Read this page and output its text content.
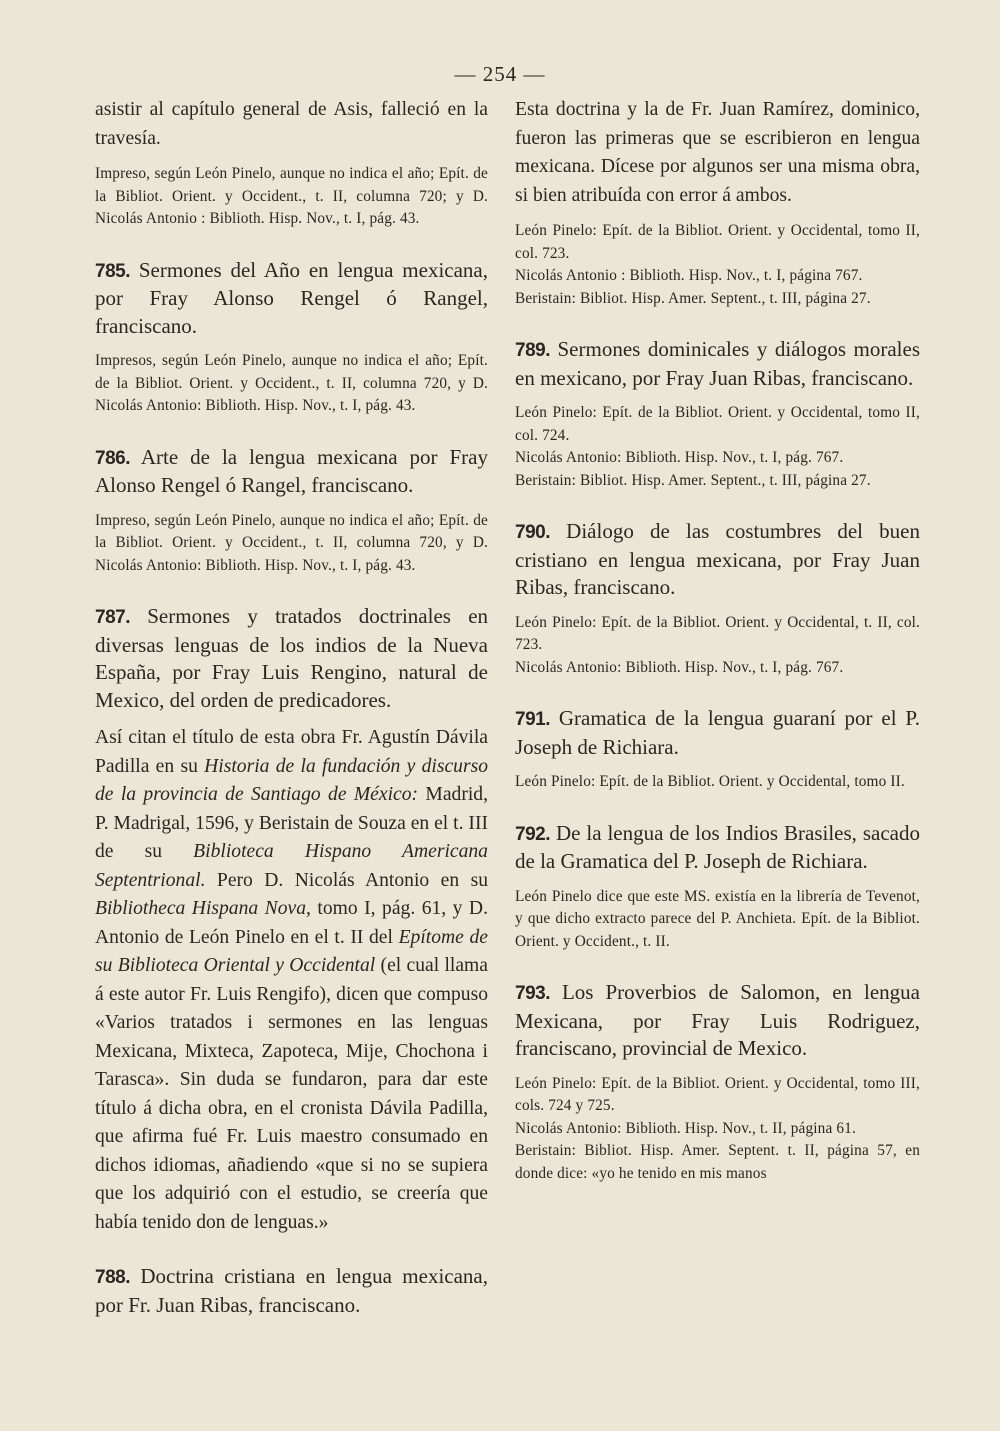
— 254 —

asistir al capítulo general de Asis, falleció en la travesía.

Impreso, según León Pinelo, aunque no indica el año; Epít. de la Bibliot. Orient. y Occident., t. II, columna 720; y D. Nicolás Antonio : Biblioth. Hisp. Nov., t. I, pág. 43.

785. Sermones del Año en lengua mexicana, por Fray Alonso Rengel ó Rangel, franciscano.

Impresos, según León Pinelo, aunque no indica el año; Epít. de la Bibliot. Orient. y Occident., t. II, columna 720, y D. Nicolás Antonio: Biblioth. Hisp. Nov., t. I, pág. 43.

786. Arte de la lengua mexicana por Fray Alonso Rengel ó Rangel, franciscano.

Impreso, según León Pinelo, aunque no indica el año; Epít. de la Bibliot. Orient. y Occident., t. II, columna 720, y D. Nicolás Antonio: Biblioth. Hisp. Nov., t. I, pág. 43.

787. Sermones y tratados doctrinales en diversas lenguas de los indios de la Nueva España, por Fray Luis Rengino, natural de Mexico, del orden de predicadores.

Así citan el título de esta obra Fr. Agustín Dávila Padilla en su Historia de la fundación y discurso de la provincia de Santiago de México: Madrid, P. Madrigal, 1596, y Beristain de Souza en el t. III de su Biblioteca Hispano Americana Septentrional. Pero D. Nicolás Antonio en su Bibliotheca Hispana Nova, tomo I, pág. 61, y D. Antonio de León Pinelo en el t. II del Epítome de su Biblioteca Oriental y Occidental (el cual llama á este autor Fr. Luis Rengifo), dicen que compuso «Varios tratados i sermones en las lenguas Mexicana, Mixteca, Zapoteca, Mije, Chochona i Tarasca». Sin duda se fundaron, para dar este título á dicha obra, en el cronista Dávila Padilla, que afirma fué Fr. Luis maestro consumado en dichos idiomas, añadiendo «que si no se supiera que los adquirió con el estudio, se creería que había tenido don de lenguas.»

788. Doctrina cristiana en lengua mexicana, por Fr. Juan Ribas, franciscano.

Esta doctrina y la de Fr. Juan Ramírez, dominico, fueron las primeras que se escribieron en lengua mexicana. Dícese por algunos ser una misma obra, si bien atribuída con error á ambos.

León Pinelo: Epít. de la Bibliot. Orient. y Occidental, tomo II, col. 723.

Nicolás Antonio : Biblioth. Hisp. Nov., t. I, página 767.

Beristain: Bibliot. Hisp. Amer. Septent., t. III, página 27.

789. Sermones dominicales y diálogos morales en mexicano, por Fray Juan Ribas, franciscano.

León Pinelo: Epít. de la Bibliot. Orient. y Occidental, tomo II, col. 724.

Nicolás Antonio: Biblioth. Hisp. Nov., t. I, pág. 767.

Beristain: Bibliot. Hisp. Amer. Septent., t. III, página 27.

790. Diálogo de las costumbres del buen cristiano en lengua mexicana, por Fray Juan Ribas, franciscano.

León Pinelo: Epít. de la Bibliot. Orient. y Occidental, t. II, col. 723.

Nicolás Antonio: Biblioth. Hisp. Nov., t. I, pág. 767.

791. Gramatica de la lengua guaraní por el P. Joseph de Richiara.

León Pinelo: Epít. de la Bibliot. Orient. y Occidental, tomo II.

792. De la lengua de los Indios Brasiles, sacado de la Gramatica del P. Joseph de Richiara.

León Pinelo dice que este MS. existía en la librería de Tevenot, y que dicho extracto parece del P. Anchieta. Epít. de la Bibliot. Orient. y Occident., t. II.

793. Los Proverbios de Salomon, en lengua Mexicana, por Fray Luis Rodriguez, franciscano, provincial de Mexico.

León Pinelo: Epít. de la Bibliot. Orient. y Occidental, tomo III, cols. 724 y 725.

Nicolás Antonio: Biblioth. Hisp. Nov., t. II, página 61.

Beristain: Bibliot. Hisp. Amer. Septent. t. II, página 57, en donde dice: «yo he tenido en mis manos
